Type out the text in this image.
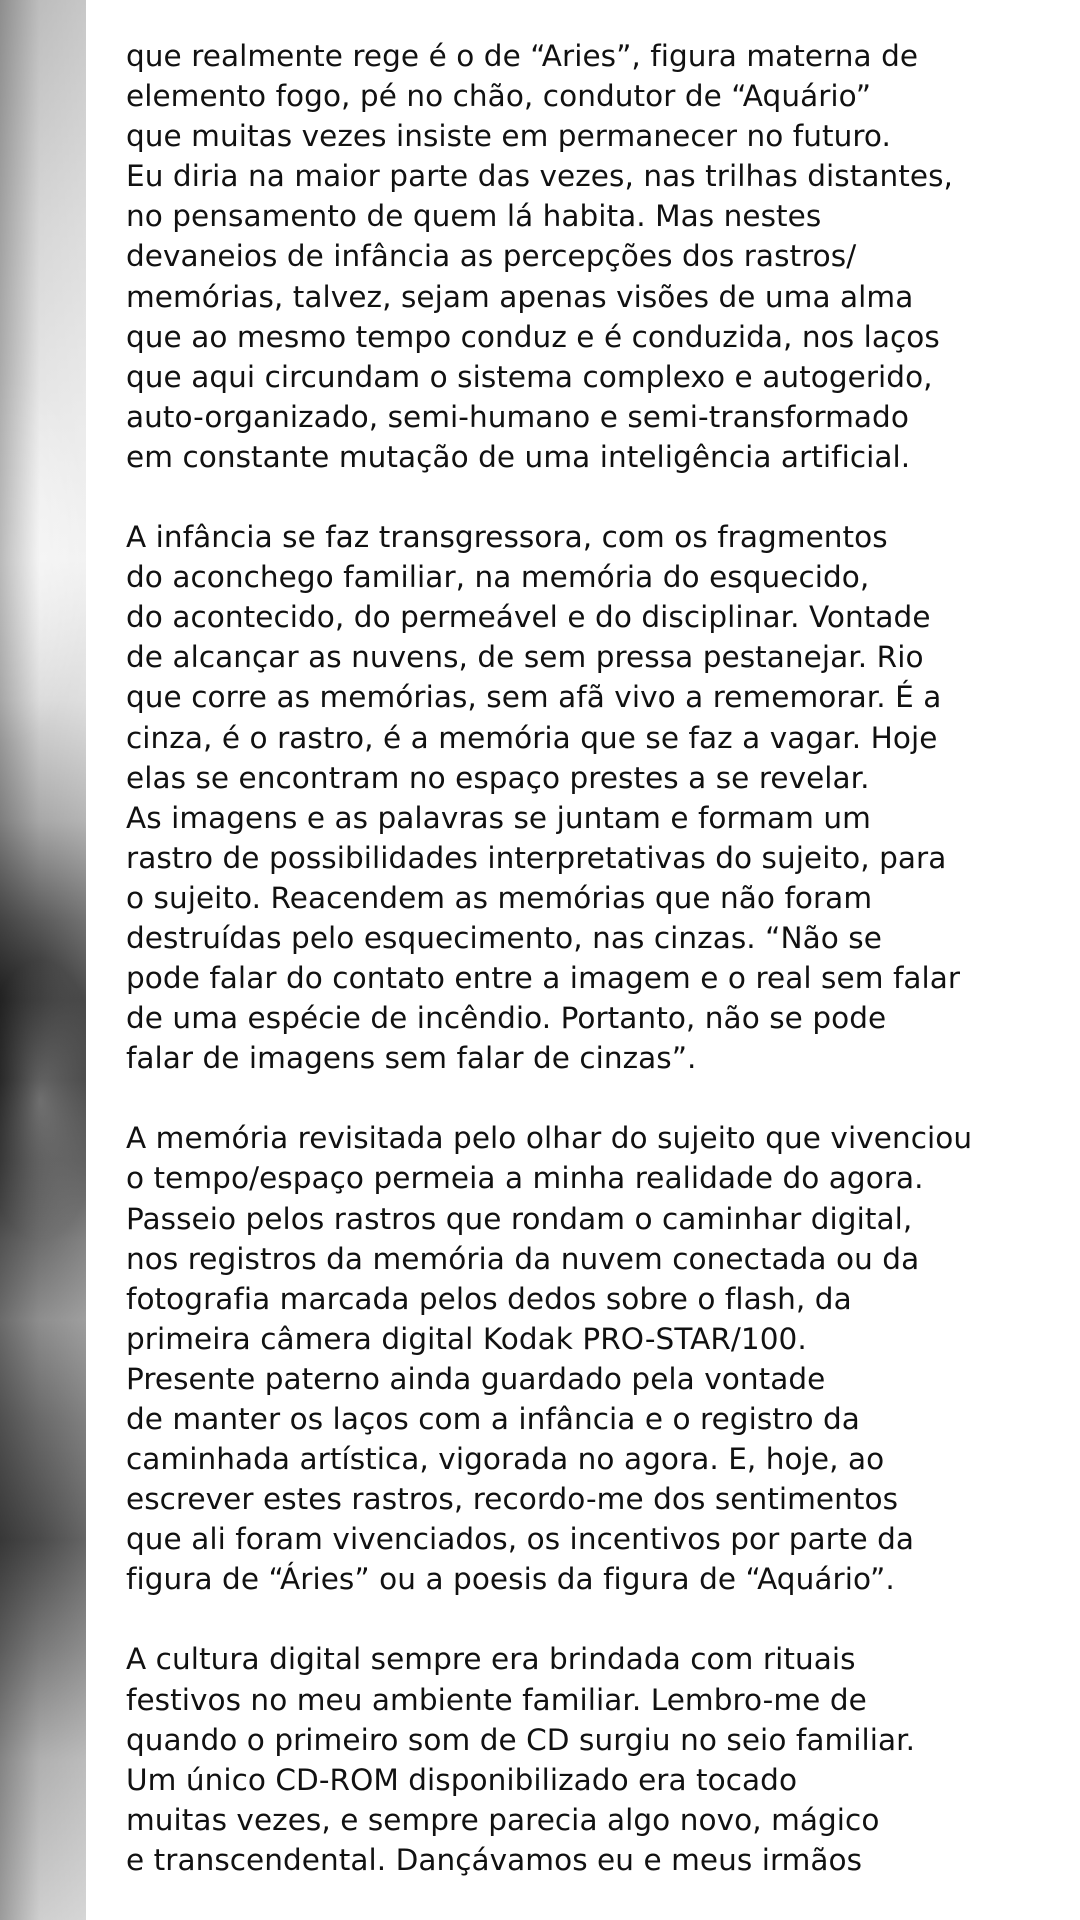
que realmente rege é o de “Aries”, figura materna de
elemento fogo, pé no chão, condutor de “Aquário”
que muitas vezes insiste em permanecer no futuro.
Eu diria na maior parte das vezes, nas trilhas distantes,
no pensamento de quem lá habita. Mas nestes
devaneios de infância as percepções dos rastros/
memórias, talvez, sejam apenas visões de uma alma
que ao mesmo tempo conduz e é conduzida, nos laços
que aqui circundam o sistema complexo e autogerido,
auto-organizado, semi-humano e semi-transformado
em constante mutação de uma inteligência artificial.
A infância se faz transgressora, com os fragmentos
do aconchego familiar, na memória do esquecido,
do acontecido, do permeável e do disciplinar. Vontade
de alcançar as nuvens, de sem pressa pestanejar. Rio
que corre as memórias, sem afã vivo a rememorar. É a
cinza, é o rastro, é a memória que se faz a vagar. Hoje
elas se encontram no espaço prestes a se revelar.
As imagens e as palavras se juntam e formam um
rastro de possibilidades interpretativas do sujeito, para
o sujeito. Reacendem as memórias que não foram
destruídas pelo esquecimento, nas cinzas. “Não se
pode falar do contato entre a imagem e o real sem falar
de uma espécie de incêndio. Portanto, não se pode
falar de imagens sem falar de cinzas”.
A memória revisitada pelo olhar do sujeito que vivenciou
o tempo/espaço permeia a minha realidade do agora.
Passeio pelos rastros que rondam o caminhar digital,
nos registros da memória da nuvem conectada ou da
fotografia marcada pelos dedos sobre o flash, da
primeira câmera digital Kodak PRO-STAR/100.
Presente paterno ainda guardado pela vontade
de manter os laços com a infância e o registro da
caminhada artística, vigorada no agora. E, hoje, ao
escrever estes rastros, recordo-me dos sentimentos
que ali foram vivenciados, os incentivos por parte da
figura de “Áries” ou a poesis da figura de “Aquário”.
A cultura digital sempre era brindada com rituais
festivos no meu ambiente familiar. Lembro-me de
quando o primeiro som de CD surgiu no seio familiar.
Um único CD-ROM disponibilizado era tocado
muitas vezes, e sempre parecia algo novo, mágico
e transcendental. Dançávamos eu e meus irmãos
